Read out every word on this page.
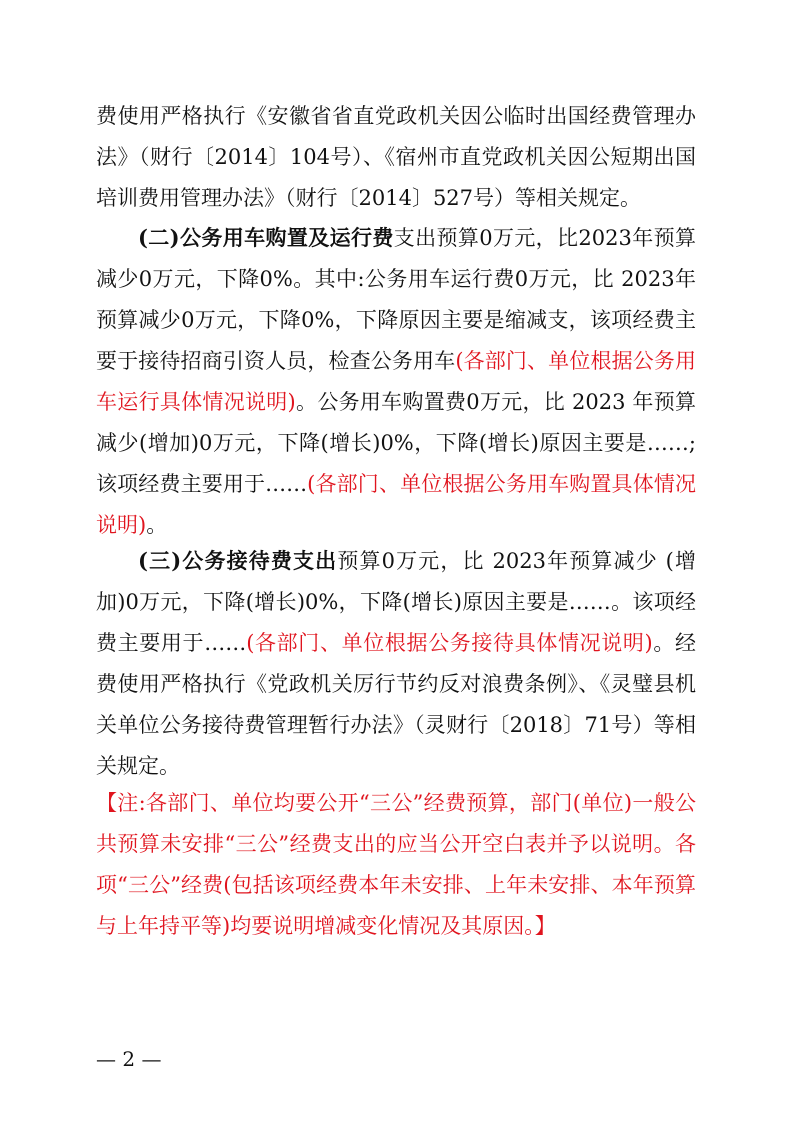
费使用严格执行《安徽省省直党政机关因公临时出国经费管理办法》（财行〔2014〕104号）、《宿州市直党政机关因公短期出国培训费用管理办法》（财行〔2014〕527号）等相关规定。

(二)公务用车购置及运行费支出预算0万元，比2023年预算减少0万元，下降0%。其中:公务用车运行费0万元，比 2023年预算减少0万元，下降0%，下降原因主要是缩减支，该项经费主要于接待招商引资人员，检查公务用车(各部门、单位根据公务用车运行具体情况说明)。公务用车购置费0万元，比 2023 年预算减少(增加)0万元，下降(增长)0%，下降(增长)原因主要是……;该项经费主要用于……(各部门、单位根据公务用车购置具体情况说明)。

(三)公务接待费支出预算0万元，比 2023年预算减少 (增加)0万元，下降(增长)0%，下降(增长)原因主要是……。该项经费主要用于……(各部门、单位根据公务接待具体情况说明)。经费使用严格执行《党政机关厉行节约反对浪费条例》、《灵璧县机关单位公务接待费管理暂行办法》（灵财行〔2018〕71号）等相关规定。

【注:各部门、单位均要公开“三公”经费预算，部门(单位)一般公共预算未安排“三公”经费支出的应当公开空白表并予以说明。各项“三公”经费(包括该项经费本年未安排、上年未安排、本年预算与上年持平等)均要说明增减变化情况及其原因。】

— 2 —
